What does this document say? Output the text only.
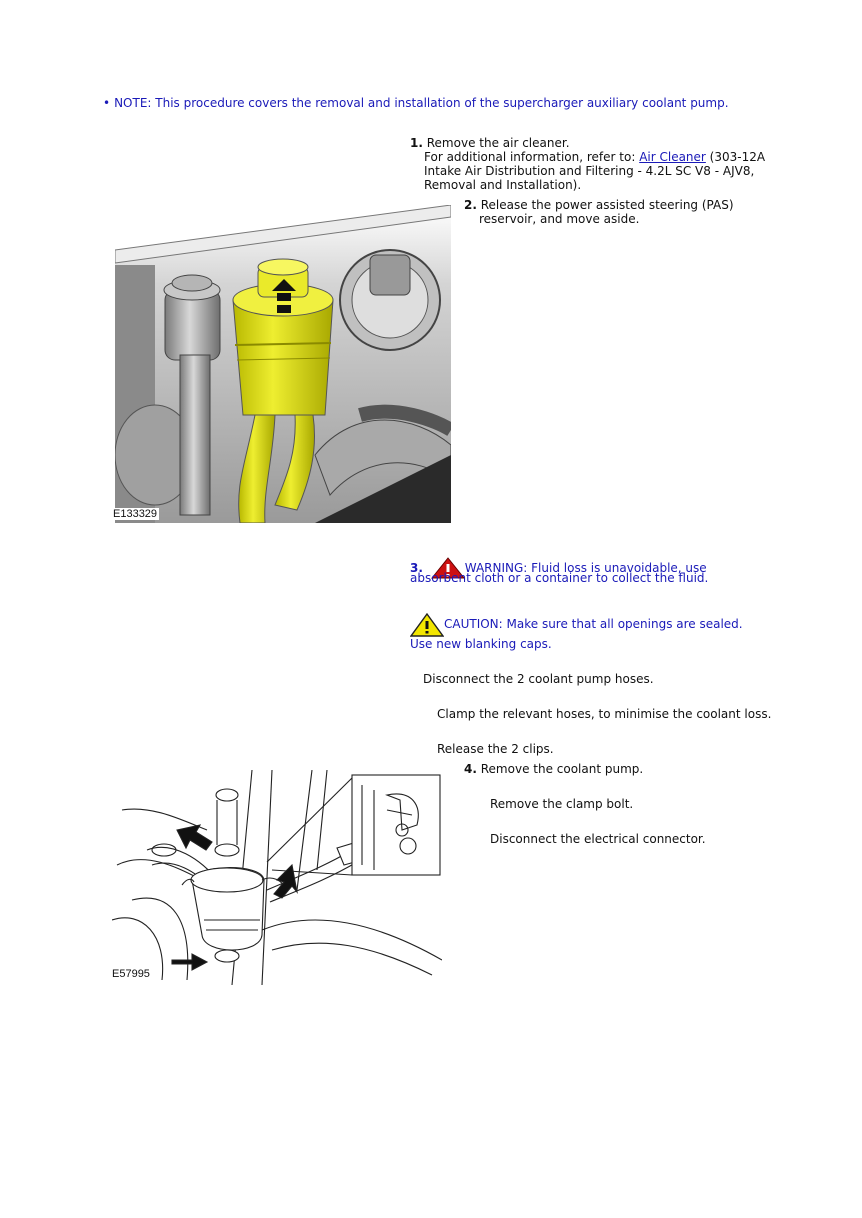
• NOTE: This procedure covers the removal and installation of the supercharger auxiliary coolant pump.
1. Remove the air cleaner.
For additional information, refer to: Air Cleaner (303-12A
Intake Air Distribution and Filtering - 4.2L SC V8 - AJV8,
Removal and Installation).
2. Release the power assisted steering (PAS)
reservoir, and move aside.
E133329
3.	WARNING: Fluid loss is unavoidable, use
absorbent cloth or a container to collect the fluid.
CAUTION: Make sure that all openings are sealed.
Use new blanking caps.
Disconnect the 2 coolant pump hoses.
Clamp the relevant hoses, to minimise the coolant loss.
Release the 2 clips.
4. Remove the coolant pump.
Remove the clamp bolt.
Disconnect the electrical connector.
E57995
